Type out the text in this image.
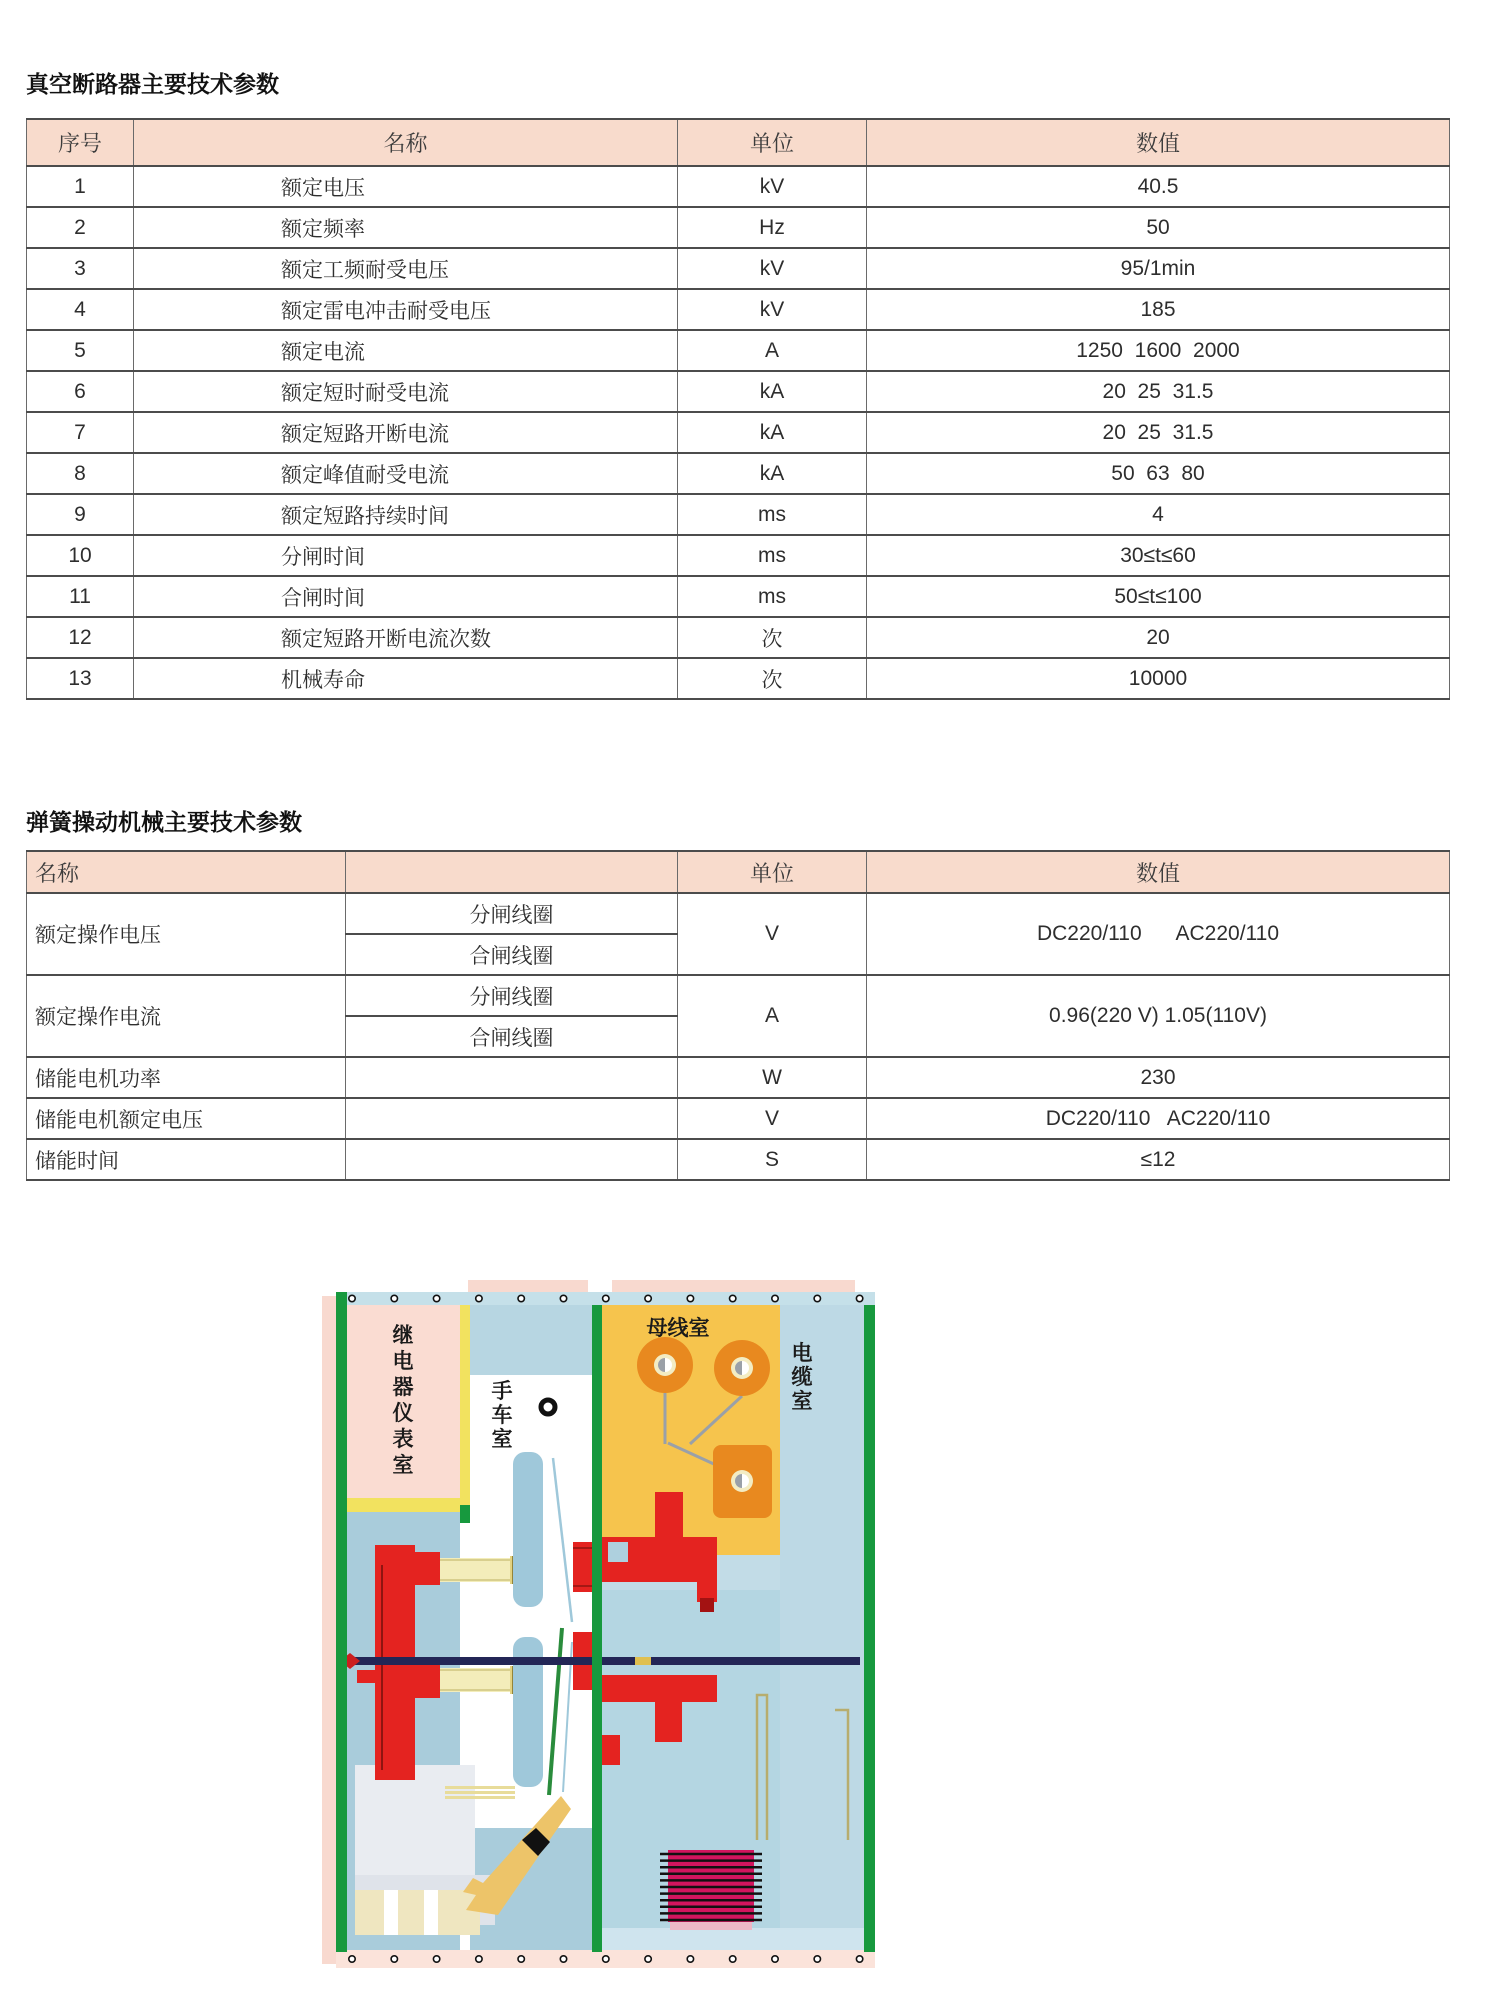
真空断路器主要技术参数
序号	名称	单位	数值
1	额定电压	kV	40.5
2	额定频率	Hz	50
3	额定工频耐受电压	kV	95/1min
4	额定雷电冲击耐受电压	kV	185
5	额定电流	A	1250  1600  2000
6	额定短时耐受电流	kA	20  25  31.5
7	额定短路开断电流	kA	20  25  31.5
8	额定峰值耐受电流	kA	50  63  80
9	额定短路持续时间	ms	4
10	分闸时间	ms	30≤t≤60
11	合闸时间	ms	50≤t≤100
12	额定短路开断电流次数	次	20
13	机械寿命	次	10000
弹簧操动机械主要技术参数
名称		单位	数值
额定操作电压	分闸线圈	V	DC220/110      AC220/110
	合闸线圈		
额定操作电流	分闸线圈	A	0.96(220 V) 1.05(110V)
	合闸线圈		
储能电机功率		W	230
储能电机额定电压		V	DC220/110   AC220/110
储能时间		S	≤12
母线室
继电器仪表室
手车室
电缆室
